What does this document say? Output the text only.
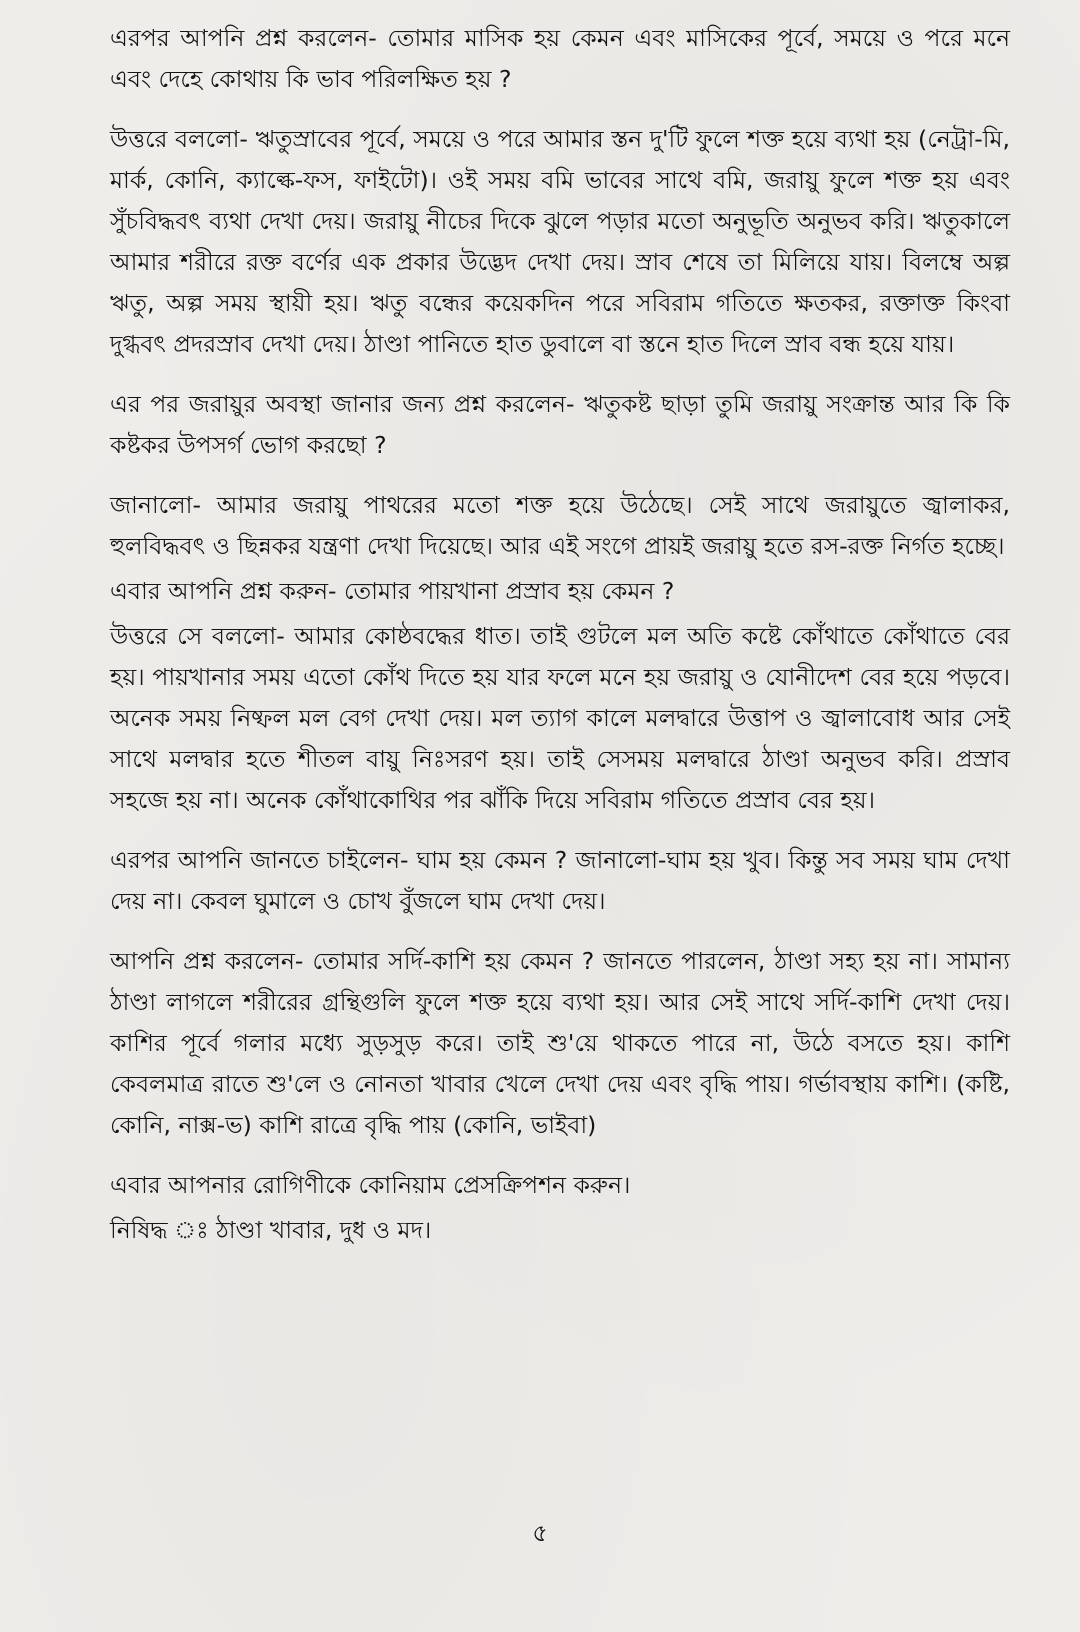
এরপর আপনি প্রশ্ন করলেন- তোমার মাসিক হয় কেমন এবং মাসিকের পূর্বে, সময়ে ও পরে মনে এবং দেহে কোথায় কি ভাব পরিলক্ষিত হয় ?

উত্তরে বললো- ঋতুস্রাবের পূর্বে, সময়ে ও পরে আমার স্তন দু'টি ফুলে শক্ত হয়ে ব্যথা হয় (নেট্রা-মি, মার্ক, কোনি, ক্যাল্কে-ফস, ফাইটো)। ওই সময় বমি ভাবের সাথে বমি, জরায়ু ফুলে শক্ত হয় এবং সুঁচবিদ্ধবৎ ব্যথা দেখা দেয়। জরায়ু নীচের দিকে ঝুলে পড়ার মতো অনুভূতি অনুভব করি। ঋতুকালে আমার শরীরে রক্ত বর্ণের এক প্রকার উদ্ভেদ দেখা দেয়। স্রাব শেষে তা মিলিয়ে যায়। বিলম্বে অল্প ঋতু, অল্প সময় স্থায়ী হয়। ঋতু বন্ধের কয়েকদিন পরে সবিরাম গতিতে ক্ষতকর, রক্তাক্ত কিংবা দুগ্ধবৎ প্রদরস্রাব দেখা দেয়। ঠাণ্ডা পানিতে হাত ডুবালে বা স্তনে হাত দিলে স্রাব বন্ধ হয়ে যায়।

এর পর জরায়ুর অবস্থা জানার জন্য প্রশ্ন করলেন- ঋতুকষ্ট ছাড়া তুমি জরায়ু সংক্রান্ত আর কি কি কষ্টকর উপসর্গ ভোগ করছো ?

জানালো- আমার জরায়ু পাথরের মতো শক্ত হয়ে উঠেছে। সেই সাথে জরায়ুতে জ্বালাকর, হুলবিদ্ধবৎ ও ছিন্নকর যন্ত্রণা দেখা দিয়েছে। আর এই সংগে প্রায়ই জরায়ু হতে রস-রক্ত নির্গত হচ্ছে।

এবার আপনি প্রশ্ন করুন- তোমার পায়খানা প্রস্রাব হয় কেমন ?

উত্তরে সে বললো- আমার কোষ্ঠবদ্ধের ধাত। তাই গুটলে মল অতি কষ্টে কোঁথাতে কোঁথাতে বের হয়। পায়খানার সময় এতো কোঁথ দিতে হয় যার ফলে মনে হয় জরায়ু ও যোনীদেশ বের হয়ে পড়বে। অনেক সময় নিষ্ফল মল বেগ দেখা দেয়। মল ত্যাগ কালে মলদ্বারে উত্তাপ ও জ্বালাবোধ আর সেই সাথে মলদ্বার হতে শীতল বায়ু নিঃসরণ হয়। তাই সেসময় মলদ্বারে ঠাণ্ডা অনুভব করি। প্রস্রাব সহজে হয় না। অনেক কোঁথাকোথির পর ঝাঁকি দিয়ে সবিরাম গতিতে প্রস্রাব বের হয়।

এরপর আপনি জানতে চাইলেন- ঘাম হয় কেমন ? জানালো-ঘাম হয় খুব। কিন্তু সব সময় ঘাম দেখা দেয় না। কেবল ঘুমালে ও চোখ বুঁজলে ঘাম দেখা দেয়।

আপনি প্রশ্ন করলেন- তোমার সর্দি-কাশি হয় কেমন ? জানতে পারলেন, ঠাণ্ডা সহ্য হয় না। সামান্য ঠাণ্ডা লাগলে শরীরের গ্রন্থিগুলি ফুলে শক্ত হয়ে ব্যথা হয়। আর সেই সাথে সর্দি-কাশি দেখা দেয়। কাশির পূর্বে গলার মধ্যে সুড়সুড় করে। তাই শু'য়ে থাকতে পারে না, উঠে বসতে হয়। কাশি কেবলমাত্র রাতে শু'লে ও নোনতা খাবার খেলে দেখা দেয় এবং বৃদ্ধি পায়। গর্ভাবস্থায় কাশি। (কষ্টি, কোনি, নাক্স-ভ) কাশি রাত্রে বৃদ্ধি পায় (কোনি, ভাইবা)

এবার আপনার রোগিণীকে কোনিয়াম প্রেসক্রিপশন করুন।

নিষিদ্ধ ঃ ঠাণ্ডা খাবার, দুধ ও মদ।

৫
